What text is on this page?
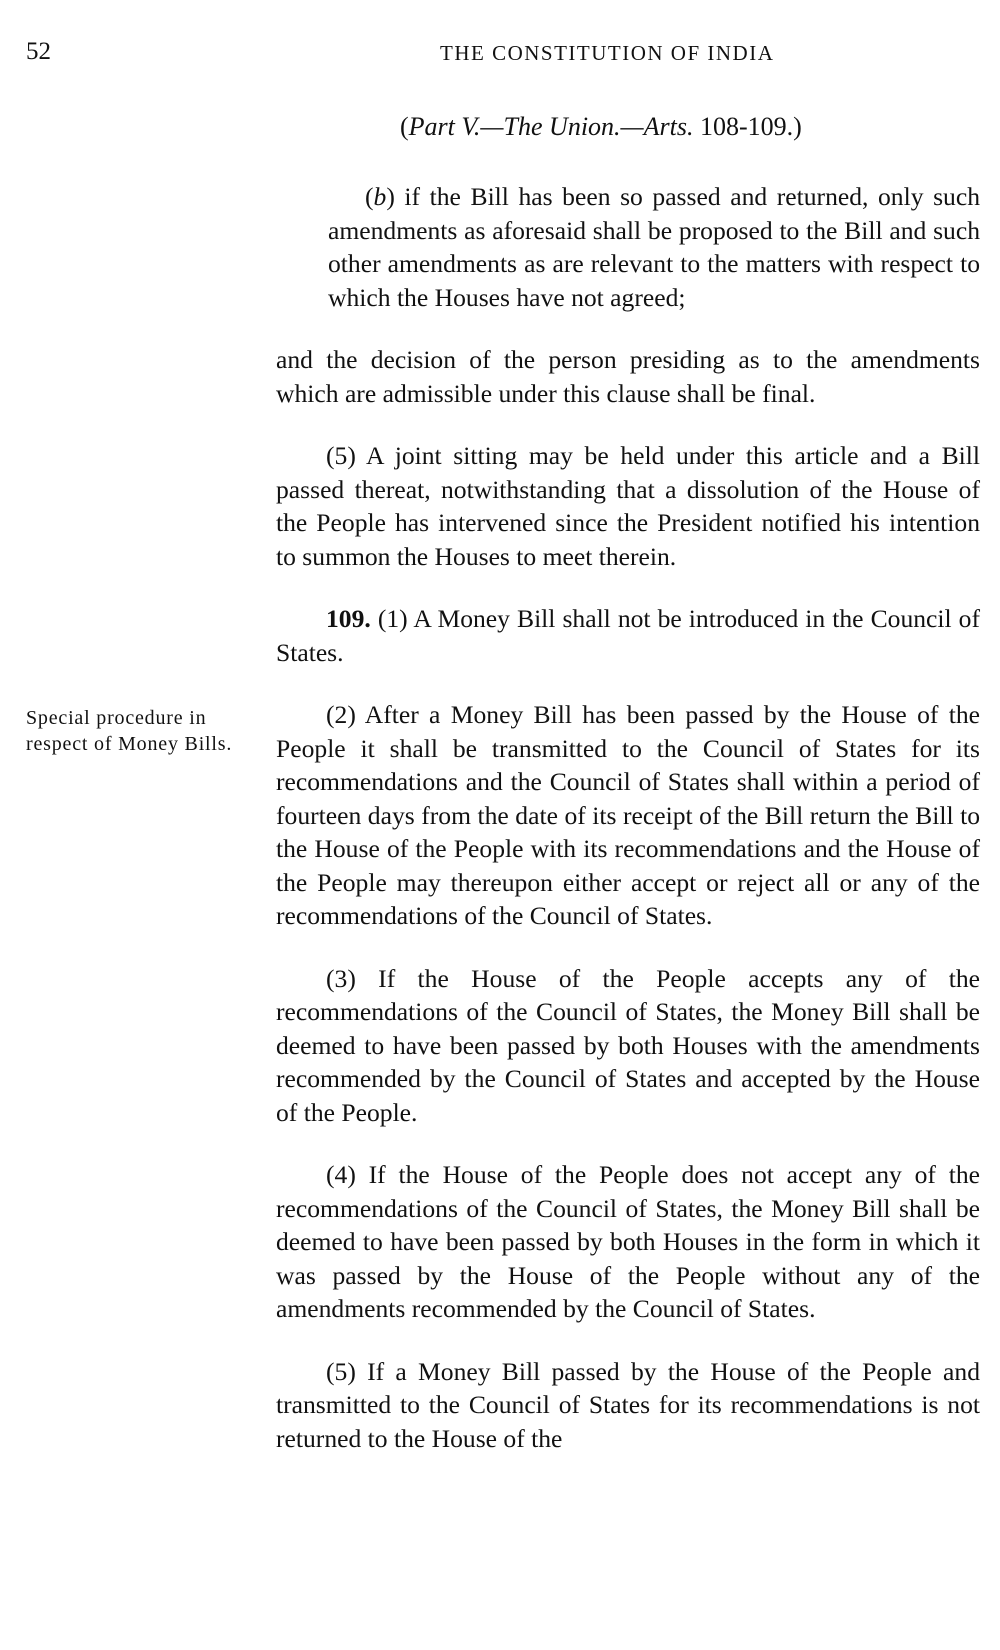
52	THE CONSTITUTION OF INDIA
(Part V.—The Union.—Arts. 108-109.)
Special procedure in respect of Money Bills.

(b) if the Bill has been so passed and returned, only such amendments as aforesaid shall be proposed to the Bill and such other amendments as are relevant to the matters with respect to which the Houses have not agreed;

and the decision of the person presiding as to the amendments which are admissible under this clause shall be final.

(5) A joint sitting may be held under this article and a Bill passed thereat, notwithstanding that a dissolution of the House of the People has intervened since the President notified his intention to summon the Houses to meet therein.

109. (1) A Money Bill shall not be introduced in the Council of States.

(2) After a Money Bill has been passed by the House of the People it shall be transmitted to the Council of States for its recommendations and the Council of States shall within a period of fourteen days from the date of its receipt of the Bill return the Bill to the House of the People with its recommendations and the House of the People may thereupon either accept or reject all or any of the recommendations of the Council of States.

(3) If the House of the People accepts any of the recommendations of the Council of States, the Money Bill shall be deemed to have been passed by both Houses with the amendments recommended by the Council of States and accepted by the House of the People.

(4) If the House of the People does not accept any of the recommendations of the Council of States, the Money Bill shall be deemed to have been passed by both Houses in the form in which it was passed by the House of the People without any of the amendments recommended by the Council of States.

(5) If a Money Bill passed by the House of the People and transmitted to the Council of States for its recommendations is not returned to the House of the
